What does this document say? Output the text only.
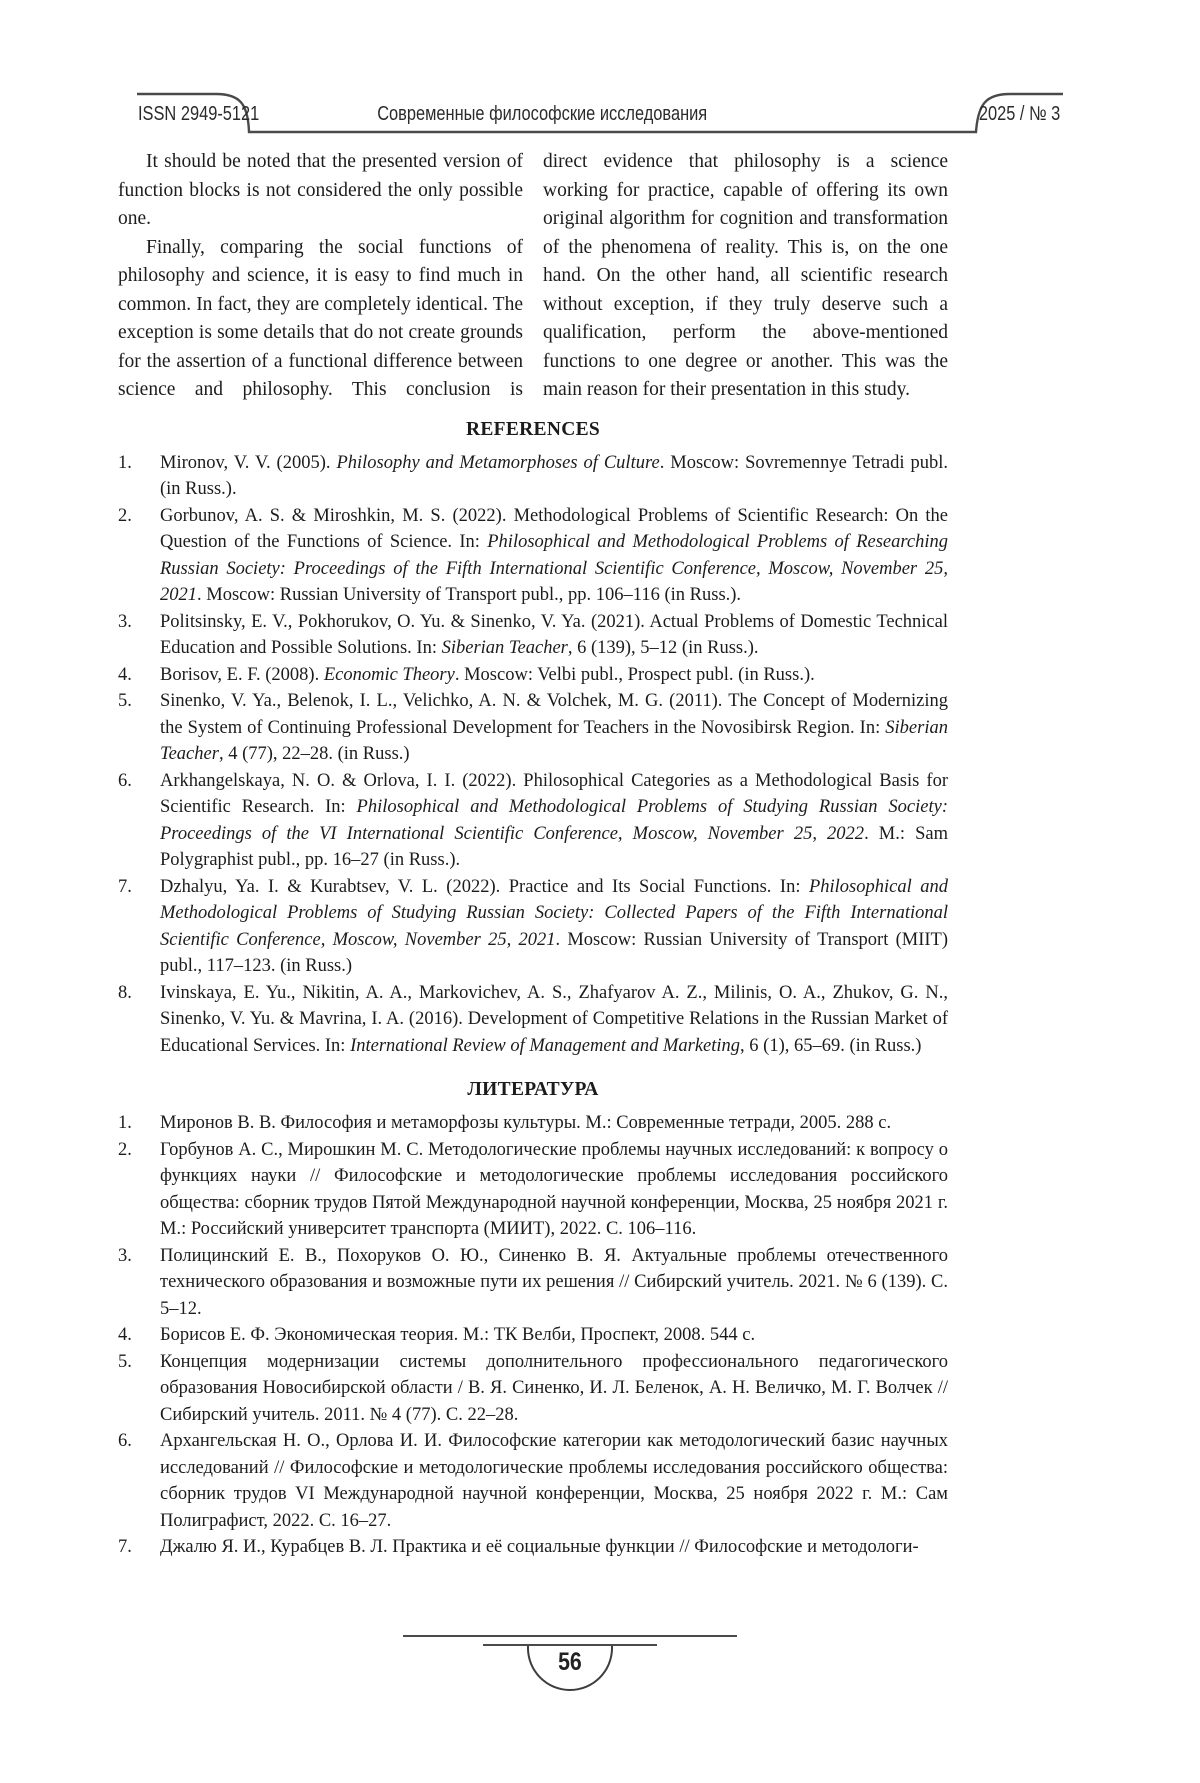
ISSN 2949-5121	Современные философские исследования	2025 / № 3

It should be noted that the presented version of function blocks is not considered the only possible one.

Finally, comparing the social functions of philosophy and science, it is easy to find much in common. In fact, they are completely identical. The exception is some details that do not create grounds for the assertion of a functional difference between science and philosophy. This conclusion is

direct evidence that philosophy is a science working for practice, capable of offering its own original algorithm for cognition and transformation of the phenomena of reality. This is, on the one hand. On the other hand, all scientific research without exception, if they truly deserve such a qualification, perform the above-mentioned functions to one degree or another. This was the main reason for their presentation in this study.

REFERENCES
1. Mironov, V. V. (2005). Philosophy and Metamorphoses of Culture. Moscow: Sovremennye Tetradi publ. (in Russ.).
2. Gorbunov, A. S. & Miroshkin, M. S. (2022). Methodological Problems of Scientific Research: On the Question of the Functions of Science. In: Philosophical and Methodological Problems of Researching Russian Society: Proceedings of the Fifth International Scientific Conference, Moscow, November 25, 2021. Moscow: Russian University of Transport publ., pp. 106–116 (in Russ.).
3. Politsinsky, E. V., Pokhorukov, O. Yu. & Sinenko, V. Ya. (2021). Actual Problems of Domestic Technical Education and Possible Solutions. In: Siberian Teacher, 6 (139), 5–12 (in Russ.).
4. Borisov, E. F. (2008). Economic Theory. Moscow: Velbi publ., Prospect publ. (in Russ.).
5. Sinenko, V. Ya., Belenok, I. L., Velichko, A. N. & Volchek, M. G. (2011). The Concept of Modernizing the System of Continuing Professional Development for Teachers in the Novosibirsk Region. In: Siberian Teacher, 4 (77), 22–28. (in Russ.)
6. Arkhangelskaya, N. O. & Orlova, I. I. (2022). Philosophical Categories as a Methodological Basis for Scientific Research. In: Philosophical and Methodological Problems of Studying Russian Society: Proceedings of the VI International Scientific Conference, Moscow, November 25, 2022. M.: Sam Polygraphist publ., pp. 16–27 (in Russ.).
7. Dzhalyu, Ya. I. & Kurabtsev, V. L. (2022). Practice and Its Social Functions. In: Philosophical and Methodological Problems of Studying Russian Society: Collected Papers of the Fifth International Scientific Conference, Moscow, November 25, 2021. Moscow: Russian University of Transport (MIIT) publ., 117–123. (in Russ.)
8. Ivinskaya, E. Yu., Nikitin, A. A., Markovichev, A. S., Zhafyarov A. Z., Milinis, O. A., Zhukov, G. N., Sinenko, V. Yu. & Mavrina, I. A. (2016). Development of Competitive Relations in the Russian Market of Educational Services. In: International Review of Management and Marketing, 6 (1), 65–69. (in Russ.)
ЛИТЕРАТУРА
1. Миронов В. В. Философия и метаморфозы культуры. М.: Современные тетради, 2005. 288 с.
2. Горбунов А. С., Мирошкин М. С. Методологические проблемы научных исследований: к вопросу о функциях науки // Философские и методологические проблемы исследования российского общества: сборник трудов Пятой Международной научной конференции, Москва, 25 ноября 2021 г. М.: Российский университет транспорта (МИИТ), 2022. С. 106–116.
3. Полицинский Е. В., Похоруков О. Ю., Синенко В. Я. Актуальные проблемы отечественного технического образования и возможные пути их решения // Сибирский учитель. 2021. № 6 (139). С. 5–12.
4. Борисов Е. Ф. Экономическая теория. М.: ТК Велби, Проспект, 2008. 544 с.
5. Концепция модернизации системы дополнительного профессионального педагогического образования Новосибирской области / В. Я. Синенко, И. Л. Беленок, А. Н. Величко, М. Г. Волчек // Сибирский учитель. 2011. № 4 (77). С. 22–28.
6. Архангельская Н. О., Орлова И. И. Философские категории как методологический базис научных исследований // Философские и методологические проблемы исследования российского общества: сборник трудов VI Международной научной конференции, Москва, 25 ноября 2022 г. М.: Сам Полиграфист, 2022. С. 16–27.
7. Джалю Я. И., Курабцев В. Л. Практика и её социальные функции // Философские и методологи-
56
